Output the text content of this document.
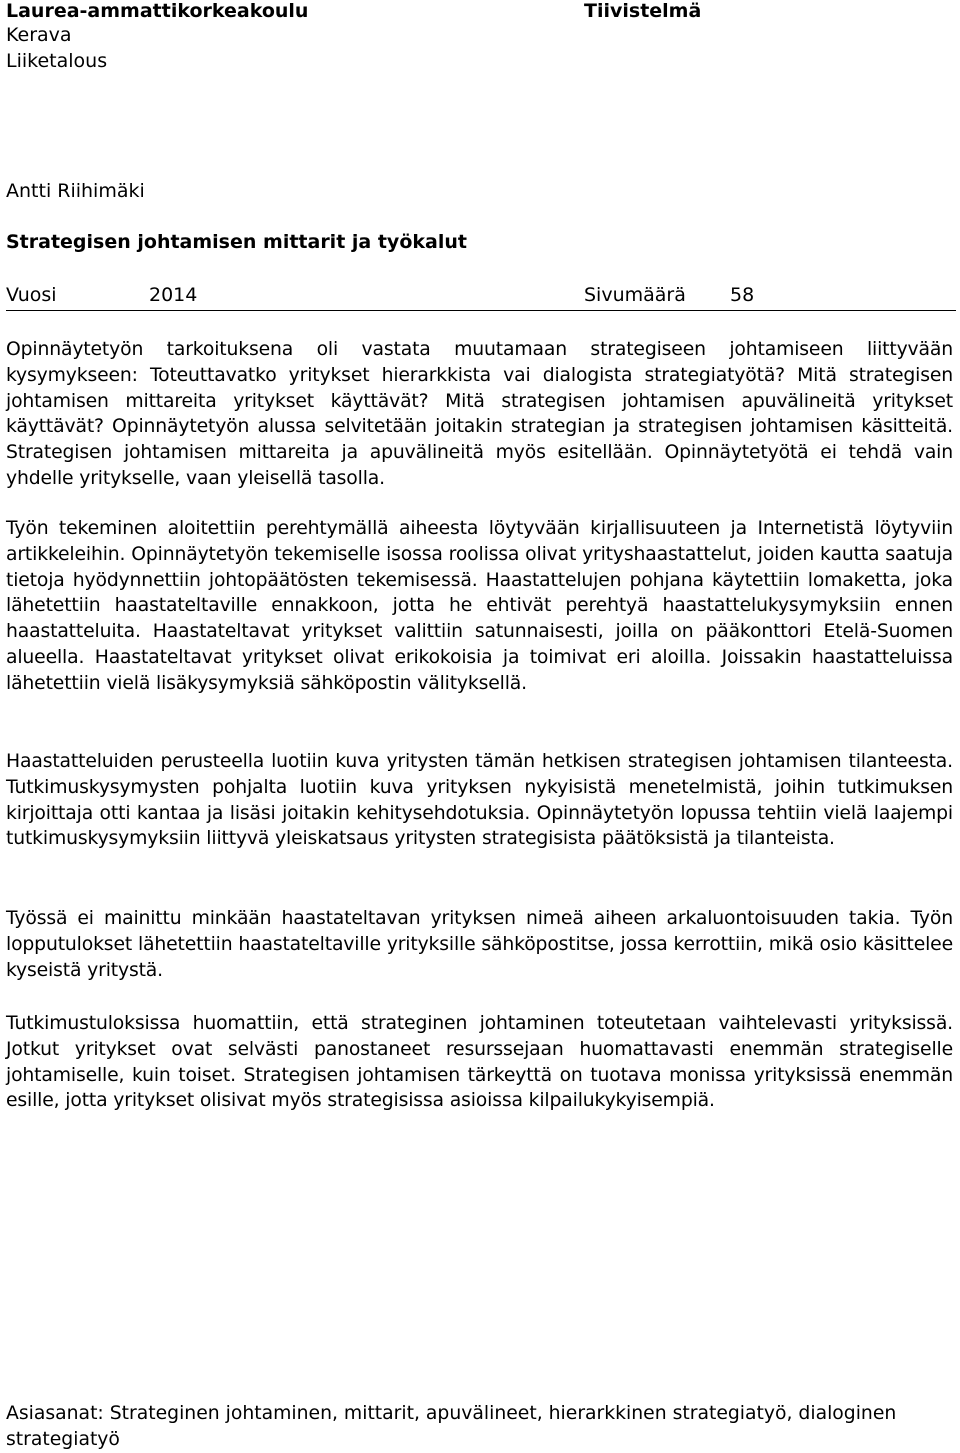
Laurea-ammattikorkeakoulu	Tiivistelmä
Kerava
Liiketalous
Antti Riihimäki
Strategisen johtamisen mittarit ja työkalut
Vuosi	2014	Sivumäärä 58

Opinnäytetyön tarkoituksena oli vastata muutamaan strategiseen johtamiseen liittyvään kysymykseen: Toteuttavatko yritykset hierarkkista vai dialogista strategiatyötä? Mitä strategisen johtamisen mittareita yritykset käyttävät? Mitä strategisen johtamisen apuvälineitä yritykset käyttävät? Opinnäytetyön alussa selvitetään joitakin strategian ja strategisen johtamisen käsitteitä. Strategisen johtamisen mittareita ja apuvälineitä myös esitellään. Opinnäytetyötä ei tehdä vain yhdelle yritykselle, vaan yleisellä tasolla.

Työn tekeminen aloitettiin perehtymällä aiheesta löytyvään kirjallisuuteen ja Internetistä löytyviin artikkeleihin. Opinnäytetyön tekemiselle isossa roolissa olivat yrityshaastattelut, joiden kautta saatuja tietoja hyödynnettiin johtopäätösten tekemisessä. Haastattelujen pohjana käytettiin lomaketta, joka lähetettiin haastateltaville ennakkoon, jotta he ehtivät perehtyä haastattelukysymyksiin ennen haastatteluita. Haastateltavat yritykset valittiin satunnaisesti, joilla on pääkonttori Etelä-Suomen alueella. Haastateltavat yritykset olivat erikokoisia ja toimivat eri aloilla. Joissakin haastatteluissa lähetettiin vielä lisäkysymyksiä sähköpostin välityksellä.

Haastatteluiden perusteella luotiin kuva yritysten tämän hetkisen strategisen johtamisen tilanteesta. Tutkimuskysymysten pohjalta luotiin kuva yrityksen nykyisistä menetelmistä, joihin tutkimuksen kirjoittaja otti kantaa ja lisäsi joitakin kehitysehdotuksia. Opinnäytetyön lopussa tehtiin vielä laajempi tutkimuskysymyksiin liittyvä yleiskatsaus yritysten strategisista päätöksistä ja tilanteista.

Työssä ei mainittu minkään haastateltavan yrityksen nimeä aiheen arkaluontoisuuden takia. Työn lopputulokset lähetettiin haastateltaville yrityksille sähköpostitse, jossa kerrottiin, mikä osio käsittelee kyseistä yritystä.

Tutkimustuloksissa huomattiin, että strateginen johtaminen toteutetaan vaihtelevasti yrityksissä. Jotkut yritykset ovat selvästi panostaneet resurssejaan huomattavasti enemmän strategiselle johtamiselle, kuin toiset. Strategisen johtamisen tärkeyttä on tuotava monissa yrityksissä enemmän esille, jotta yritykset olisivat myös strategisissa asioissa kilpailukykyisempiä.

Asiasanat: Strateginen johtaminen, mittarit, apuvälineet, hierarkkinen strategiatyö, dialoginen strategiatyö
